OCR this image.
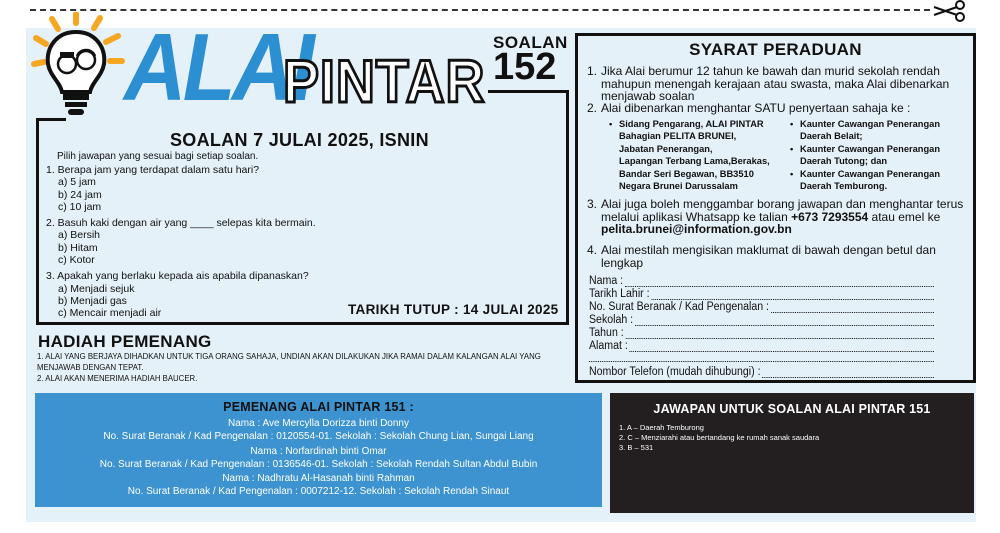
ALAI
PINTAR
SOALAN
152
SOALAN 7 JULAI 2025, ISNIN
Pilih jawapan yang sesuai bagi setiap soalan.
1. Berapa jam yang terdapat dalam satu hari?
a) 5 jam
b) 24 jam
c) 10 jam
2. Basuh kaki dengan air yang ____ selepas kita bermain.
a) Bersih
b) Hitam
c) Kotor
3. Apakah yang berlaku kepada ais apabila dipanaskan?
a) Menjadi sejuk
b) Menjadi gas
c) Mencair menjadi air	TARIKH TUTUP : 14 JULAI 2025
HADIAH PEMENANG
1. ALAI YANG BERJAYA DIHADKAN UNTUK TIGA ORANG SAHAJA, UNDIAN AKAN DILAKUKAN JIKA RAMAI DALAM KALANGAN ALAI YANG MENJAWAB DENGAN TEPAT.
2. ALAI AKAN MENERIMA HADIAH BAUCER.
SYARAT PERADUAN
1. Jika Alai berumur 12 tahun ke bawah dan murid sekolah rendah mahupun menengah kerajaan atau swasta, maka Alai dibenarkan menjawab soalan
2. Alai dibenarkan menghantar SATU penyertaan sahaja ke :
• Sidang Pengarang, ALAI PINTAR
Bahagian PELITA BRUNEI,
Jabatan Penerangan,
Lapangan Terbang Lama,Berakas,
Bandar Seri Begawan, BB3510
Negara Brunei Darussalam
• Kaunter Cawangan Penerangan Daerah Belait;
• Kaunter Cawangan Penerangan Daerah Tutong; dan
• Kaunter Cawangan Penerangan Daerah Temburong.
3. Alai juga boleh menggambar borang jawapan dan menghantar terus melalui aplikasi Whatsapp ke talian +673 7293554 atau emel ke
pelita.brunei@information.gov.bn
4. Alai mestilah mengisikan maklumat di bawah dengan betul dan lengkap
Nama :
Tarikh Lahir :
No. Surat Beranak / Kad Pengenalan :
Sekolah :
Tahun :
Alamat :
Nombor Telefon (mudah dihubungi) :
PEMENANG ALAI PINTAR 151 :
Nama : Ave Mercylla Dorizza binti Donny
No. Surat Beranak / Kad Pengenalan : 0120554-01. Sekolah : Sekolah Chung Lian, Sungai Liang
Nama : Norfardinah binti Omar
No. Surat Beranak / Kad Pengenalan : 0136546-01. Sekolah : Sekolah Rendah Sultan Abdul Bubin
Nama : Nadhratu Al-Hasanah binti Rahman
No. Surat Beranak / Kad Pengenalan : 0007212-12. Sekolah : Sekolah Rendah Sinaut
JAWAPAN UNTUK SOALAN ALAI PINTAR 151
1. A – Daerah Temburong
2. C – Menziarahi atau bertandang ke rumah sanak saudara
3. B – 531
